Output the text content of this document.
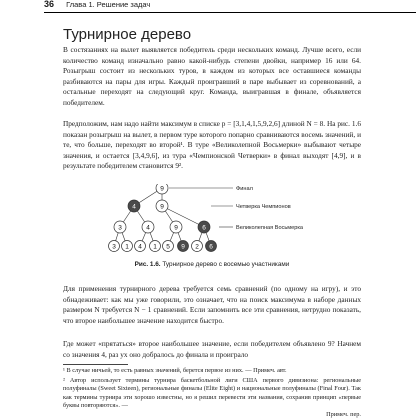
36 Глава 1. Решение задач
Турнирное дерево

В состязаниях на вылет выявляется победитель среди нескольких команд. Лучше всего, если количество команд изначально равно какой-нибудь степени двойки, например 16 или 64. Розыгрыш состоит из нескольких туров, в каждом из которых все оставшиеся команды разбиваются на пары для игры. Каждый проигравший в паре выбывает из соревнований, а остальные переходят на следующий круг. Команда, выигравшая в финале, объявляется победителем.

Предположим, нам надо найти максимум в списке p = [3,1,4,1,5,9,2,6] длиной N = 8. На рис. 1.6 показан розыгрыш на вылет, в первом туре которого попарно сравниваются восемь значений, и те, что больше, переходят во второй¹. В турe «Великолепной Восьмерки» выбывают четыре значения, и остается [3,4,9,6], из тура «Чемпионской Четверки» в финал выходят [4,9], и в результате победителем становится 9².

9
4	9
3	4	9	6
3 1 4 1 5 9 2 6
Финал
Четверка Чемпионов
Великолепная Восьмерка

Рис. 1.6. Турнирное дерево с восемью участниками

Для применения турнирного дерева требуется семь сравнений (по одному на игру), и это обнадеживает: как мы уже говорили, это означает, что на поиск максимума в наборе данных размером N требуется N − 1 сравнений. Если запомнить все эти сравнения, нетрудно показать, что второе наибольшее значение находится быстро.

Где может «прятаться» второе наибольшее значение, если победителем объявлено 9? Начнем со значения 4, раз ух оно добралось до финала и проиграло

¹ В случае ничьей, то есть равных значений, берется первое из них. — Примеч. авт.

² Автор использует термины турнира баскетбольной лиги США первого дивизиона: региональные полуфиналы (Sweet Sixteen), региональные финалы (Elite Eight) и национальные полуфиналы (Final Four). Так как термины турнира эти хорошо известны, но я решил перевести эти названия, сохранив принцип «первые буквы повторяются». —

Примеч. пер.
